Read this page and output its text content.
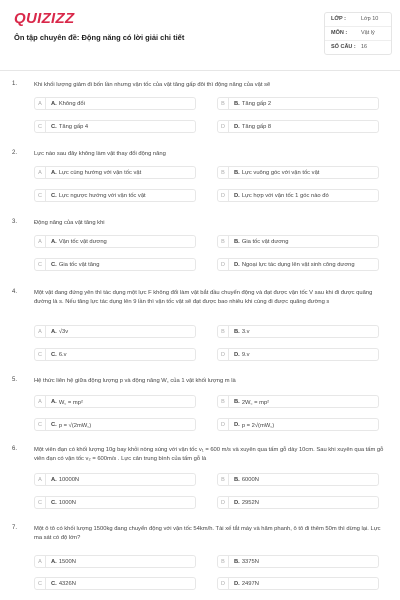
QUIZIZZ
Ôn tập chuyên đề: Động năng có lời giải chi tiết
LỚP :	Lớp 10
MÔN :	Vật lý
SỐ CÂU : 16
1.	Khi khối lượng giảm đi bốn lần nhưng vận tốc của vật tăng gấp đôi thì động năng của vật sẽ
A	A. Không đổi	B	B. Tăng gấp 2
C	C. Tăng gấp 4	D	D. Tăng gấp 8
2.	Lực nào sau đây không làm vật thay đổi động năng
A	A. Lực cùng hướng với vận tốc vật	B	B. Lực vuông góc với vận tốc vật
C	C. Lực ngược hướng với vận tốc vật	D	D. Lực hợp với vận tốc 1 góc nào đó
3.	Động năng của vật tăng khi
A	A. Vận tốc vật dương	B	B. Gia tốc vật dương
C	C. Gia tốc vật tăng	D	D. Ngoại lực tác dụng lên vật sinh công dương
4.	Một vật đang đứng yên thì tác dụng một lực F không đổi làm vật bắt đầu chuyển động và đạt được vận tốc V sau khi đi được quãng đường là s. Nếu tăng lực tác dụng lên 9 lần thì vận tốc vật sẽ đạt được bao nhiêu khi cùng đi được quãng đường s
A	A. √3v	B	B. 3.v
C	C. 6.v	D	D. 9.v
5.	Hệ thức liên hệ giữa động lượng p và động năng W꜀ của 1 vật khối lượng m là
A	A. W꜀ = mp²	B	B. 2W꜀ = mp²
C	C. p = √(2mW꜀)	D	D. p = 2√(mW꜀)
6.	Một viên đạn có khối lượng 10g bay khỏi nòng súng với vận tốc v₁ = 600 m/s và xuyên qua tấm gỗ dày 10cm. Sau khi xuyên qua tấm gỗ viên đạn có vận tốc v₂ = 600m/s . Lực cản trung bình của tấm gỗ là
A	A. 10000N	B	B. 6000N
C	C. 1000N	D	D. 2952N
7.	Một ô tô có khối lượng 1500kg đang chuyển động với vận tốc 54km/h. Tài xế tắt máy và hãm phanh, ô tô đi thêm 50m thì dừng lại. Lực ma sát có độ lớn?
A	A. 1500N	B	B. 3375N
C	C. 4326N	D	D. 2497N
